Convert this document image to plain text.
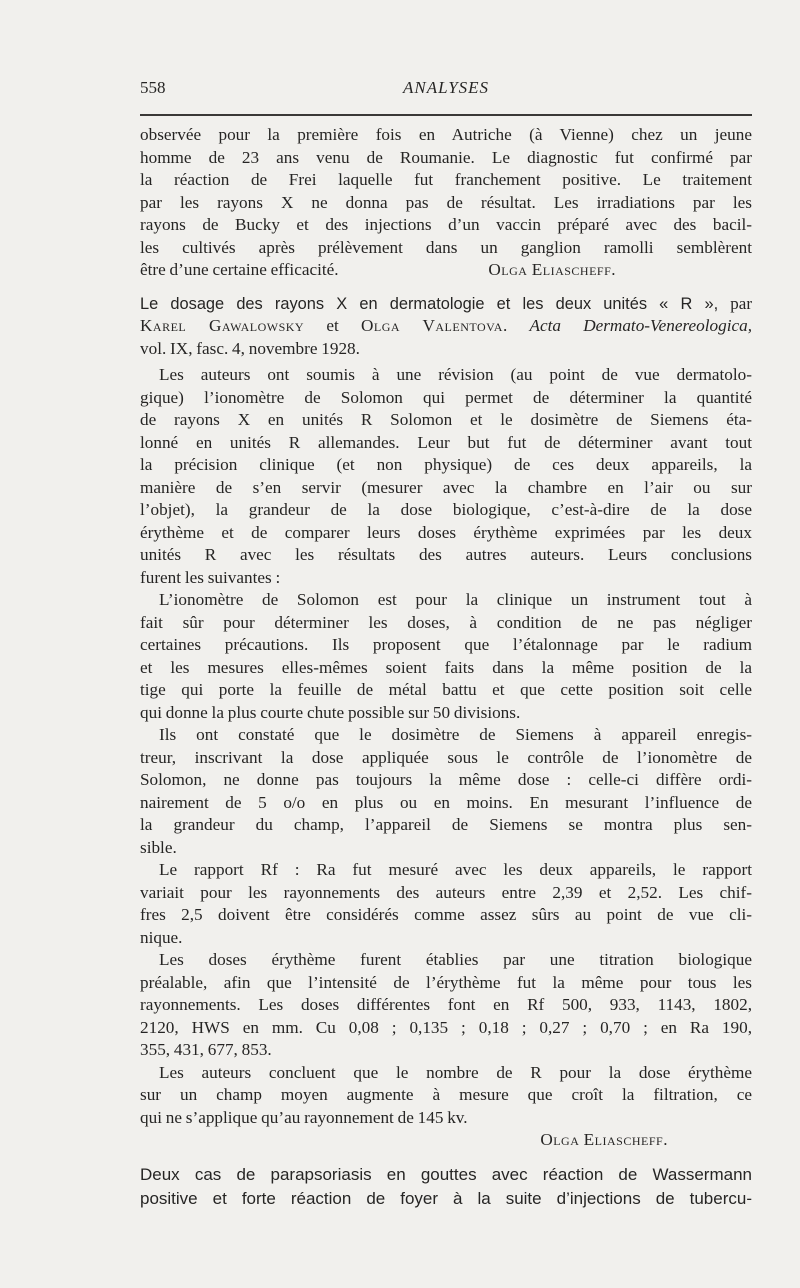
558	ANALYSES
observée pour la première fois en Autriche (à Vienne) chez un jeune
homme de 23 ans venu de Roumanie. Le diagnostic fut confirmé par
la réaction de Frei laquelle fut franchement positive. Le traitement
par les rayons X ne donna pas de résultat. Les irradiations par les
rayons de Bucky et des injections d’un vaccin préparé avec des bacil-
les cultivés après prélèvement dans un ganglion ramolli semblèrent
être d’une certaine efficacité.	Olga Eliascheff.
Le dosage des rayons X en dermatologie et les deux unités « R », par
Karel Gawalowsky et Olga Valentova. Acta Dermato-Venereologica,
vol. IX, fasc. 4, novembre 1928.
Les auteurs ont soumis à une révision (au point de vue dermatolo-
gique) l’ionomètre de Solomon qui permet de déterminer la quantité
de rayons X en unités R Solomon et le dosimètre de Siemens éta-
lonné en unités R allemandes. Leur but fut de déterminer avant tout
la précision clinique (et non physique) de ces deux appareils, la
manière de s’en servir (mesurer avec la chambre en l’air ou sur
l’objet), la grandeur de la dose biologique, c’est-à-dire de la dose
érythème et de comparer leurs doses érythème exprimées par les deux
unités R avec les résultats des autres auteurs. Leurs conclusions
furent les suivantes :
L’ionomètre de Solomon est pour la clinique un instrument tout à
fait sûr pour déterminer les doses, à condition de ne pas négliger
certaines précautions. Ils proposent que l’étalonnage par le radium
et les mesures elles-mêmes soient faits dans la même position de la
tige qui porte la feuille de métal battu et que cette position soit celle
qui donne la plus courte chute possible sur 50 divisions.
Ils ont constaté que le dosimètre de Siemens à appareil enregis-
treur, inscrivant la dose appliquée sous le contrôle de l’ionomètre de
Solomon, ne donne pas toujours la même dose : celle-ci diffère ordi-
nairement de 5 o/o en plus ou en moins. En mesurant l’influence de
la grandeur du champ, l’appareil de Siemens se montra plus sen-
sible.
Le rapport Rf : Ra fut mesuré avec les deux appareils, le rapport
variait pour les rayonnements des auteurs entre 2,39 et 2,52. Les chif-
fres 2,5 doivent être considérés comme assez sûrs au point de vue cli-
nique.
Les doses érythème furent établies par une titration biologique
préalable, afin que l’intensité de l’érythème fut la même pour tous les
rayonnements. Les doses différentes font en Rf 500, 933, 1143, 1802,
2120, HWS en mm. Cu 0,08 ; 0,135 ; 0,18 ; 0,27 ; 0,70 ; en Ra 190,
355, 431, 677, 853.
Les auteurs concluent que le nombre de R pour la dose érythème
sur un champ moyen augmente à mesure que croît la filtration, ce
qui ne s’applique qu’au rayonnement de 145 kv.
Olga Eliascheff.
Deux cas de parapsoriasis en gouttes avec réaction de Wassermann
positive et forte réaction de foyer à la suite d’injections de tubercu-
